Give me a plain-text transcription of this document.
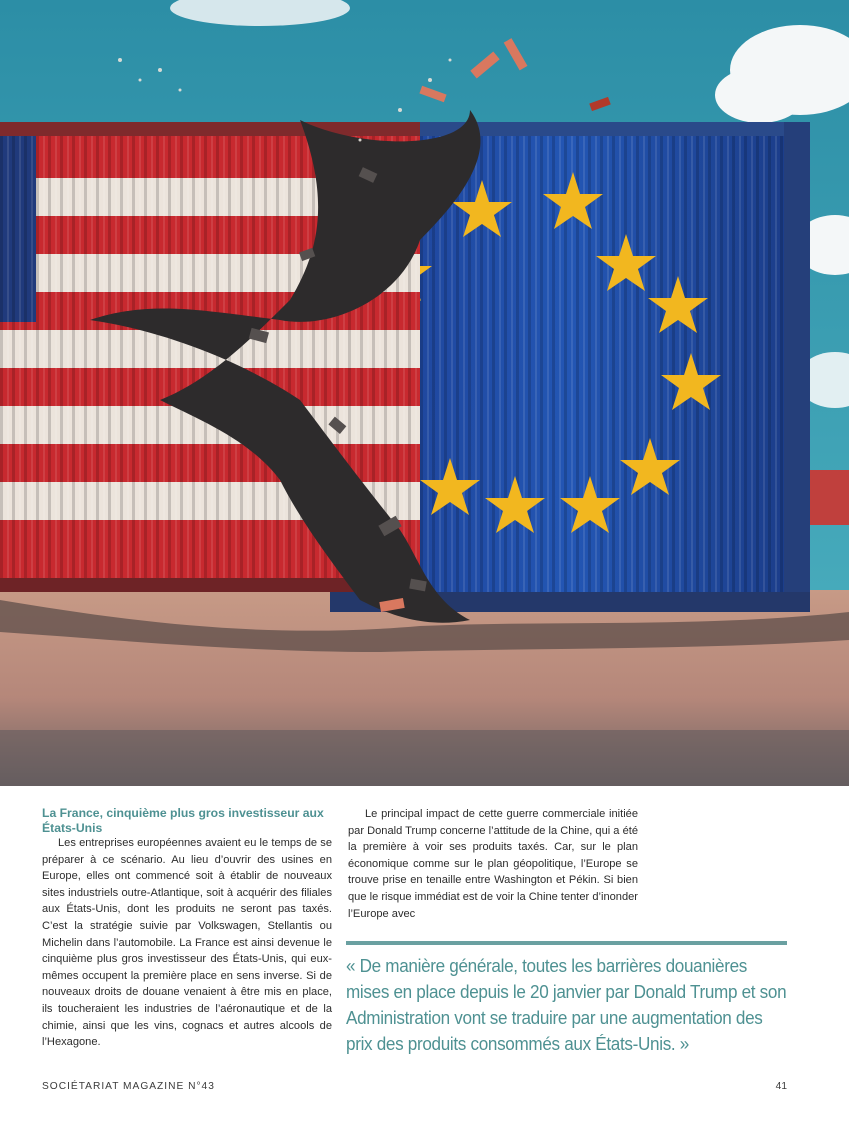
La France, cinquième plus gros investisseur aux États-Unis

Les entreprises européennes avaient eu le temps de se préparer à ce scénario. Au lieu d’ouvrir des usines en Europe, elles ont commencé soit à établir de nouveaux sites industriels outre-Atlantique, soit à acquérir des filiales aux États-Unis, dont les produits ne seront pas taxés. C’est la stratégie suivie par Volkswagen, Stellantis ou Michelin dans l’automobile. La France est ainsi devenue le cinquième plus gros investisseur des États-Unis, qui eux-mêmes occupent la première place en sens inverse. Si de nouveaux droits de douane venaient à être mis en place, ils toucheraient les industries de l’aéronautique et de la chimie, ainsi que les vins, cognacs et autres alcools de l’Hexagone.

Le principal impact de cette guerre commerciale initiée par Donald Trump concerne l’attitude de la Chine, qui a été la première à voir ses produits taxés. Car, sur le plan économique comme sur le plan géopolitique, l’Europe se trouve prise en tenaille entre Washington et Pékin. Si bien que le risque immédiat est de voir la Chine tenter d’inonder l’Europe avec

« De manière générale, toutes les barrières douanières mises en place depuis le 20 janvier par Donald Trump et son Administration vont se traduire par une augmentation des prix des produits consommés aux États-Unis. »
SOCIÉTARIAT MAGAZINE N°43	41
